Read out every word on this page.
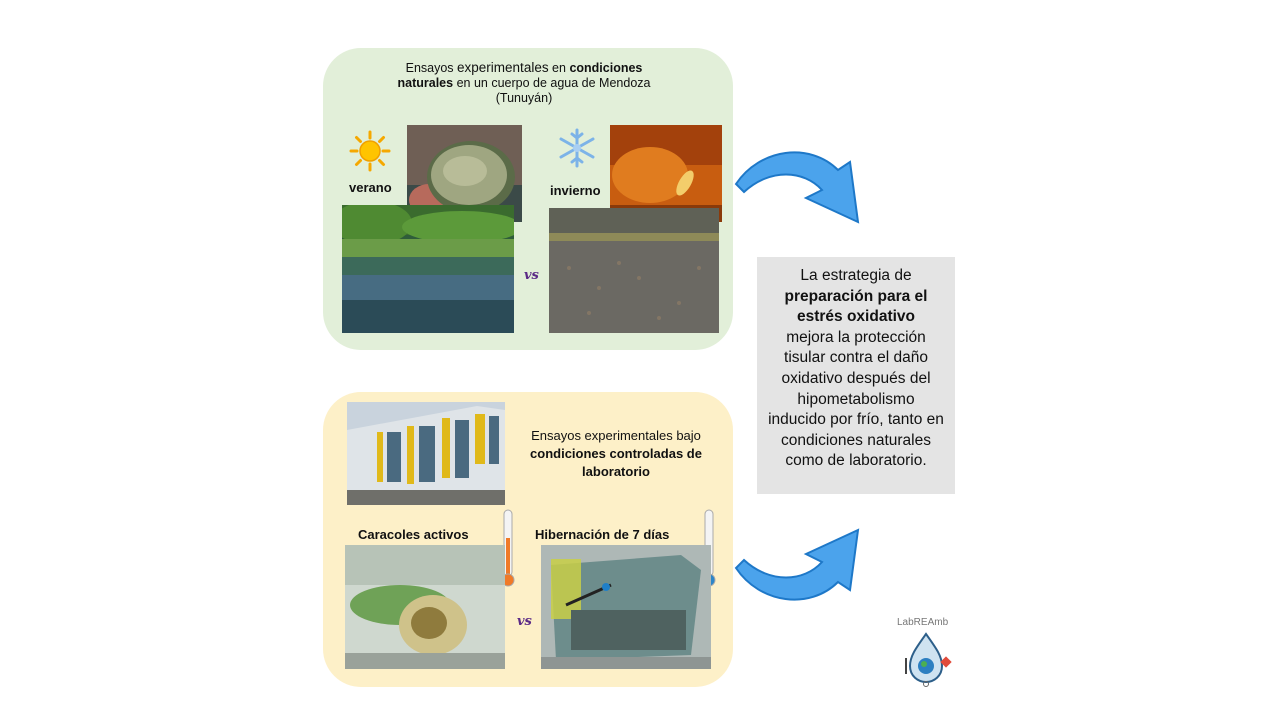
Ensayos experimentales en condiciones
naturales en un cuerpo de agua de Mendoza
(Tunuyán)
verano
vs
invierno
Ensayos experimentales bajo
condiciones controladas de laboratorio
Caracoles activos	Hibernación de 7 días
vs
La estrategia de
preparación para el estrés oxidativo
mejora la protección tisular contra el daño oxidativo después del hipometabolismo inducido por frío, tanto en condiciones naturales como de laboratorio.
LabREAmb
